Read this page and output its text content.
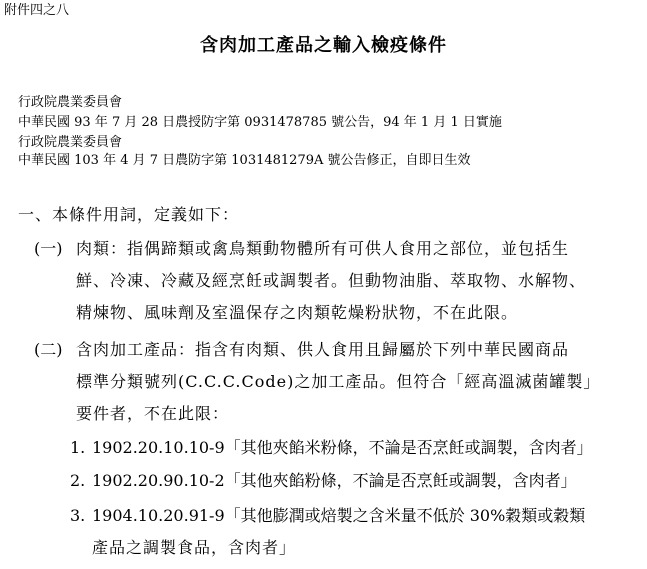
附件四之八
含肉加工產品之輸入檢疫條件
行政院農業委員會
中華民國 93 年 7 月 28 日農授防字第 0931478785 號公告，94 年 1 月 1 日實施
行政院農業委員會
中華民國 103 年 4 月 7 日農防字第 1031481279A 號公告修正，自即日生效
一、本條件用詞，定義如下：
(一) 肉類：指偶蹄類或禽鳥類動物體所有可供人食用之部位，並包括生
鮮、冷凍、冷藏及經烹飪或調製者。但動物油脂、萃取物、水解物、
精煉物、風味劑及室溫保存之肉類乾燥粉狀物，不在此限。
(二) 含肉加工產品：指含有肉類、供人食用且歸屬於下列中華民國商品
標準分類號列(C.C.C.Code)之加工產品。但符合「經高溫滅菌罐製」
要件者，不在此限：
1. 1902.20.10.10-9「其他夾餡米粉條，不論是否烹飪或調製，含肉者」
2. 1902.20.90.10-2「其他夾餡粉條，不論是否烹飪或調製，含肉者」
3. 1904.10.20.91-9「其他膨潤或焙製之含米量不低於 30%穀類或穀類
產品之調製食品，含肉者」
